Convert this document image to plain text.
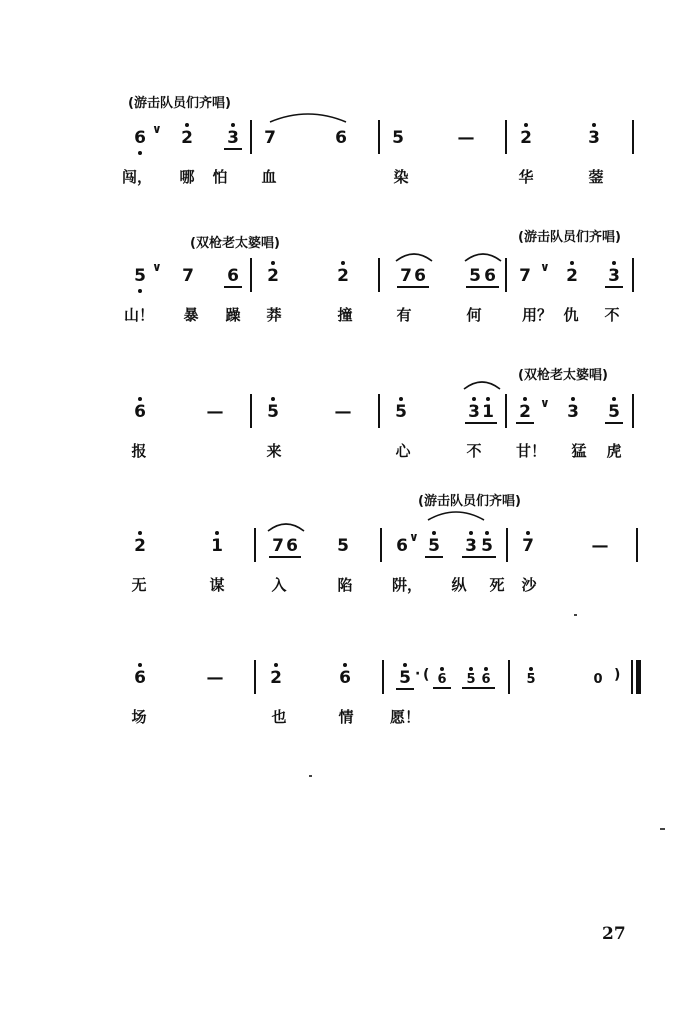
(游击队员们齐唱)
6 ∨	2	3	7	6	5	—	2	3
闯，	哪	怕	血	染	华	蓥
(双枪老太婆唱)	(游击队员们齐唱)
5 ∨	7	6	2	2	7 6	5 6	7 ∨ 2	3
山！	暴	躁	莽	撞	有	何	用？ 仇	不
(双枪老太婆唱)
6	—	5	—	5	3 1	2 ∨	3	5
报	来	心	不	甘！	猛	虎
(游击队员们齐唱)
2	1	7 6	5	6 ∨ 5	3 5	7	—
无	谋	入	陷	阱，	纵	死	沙
6	—	2	6	5 · ( 6	5 6	5	0 )
场	也	情	愿！
27
